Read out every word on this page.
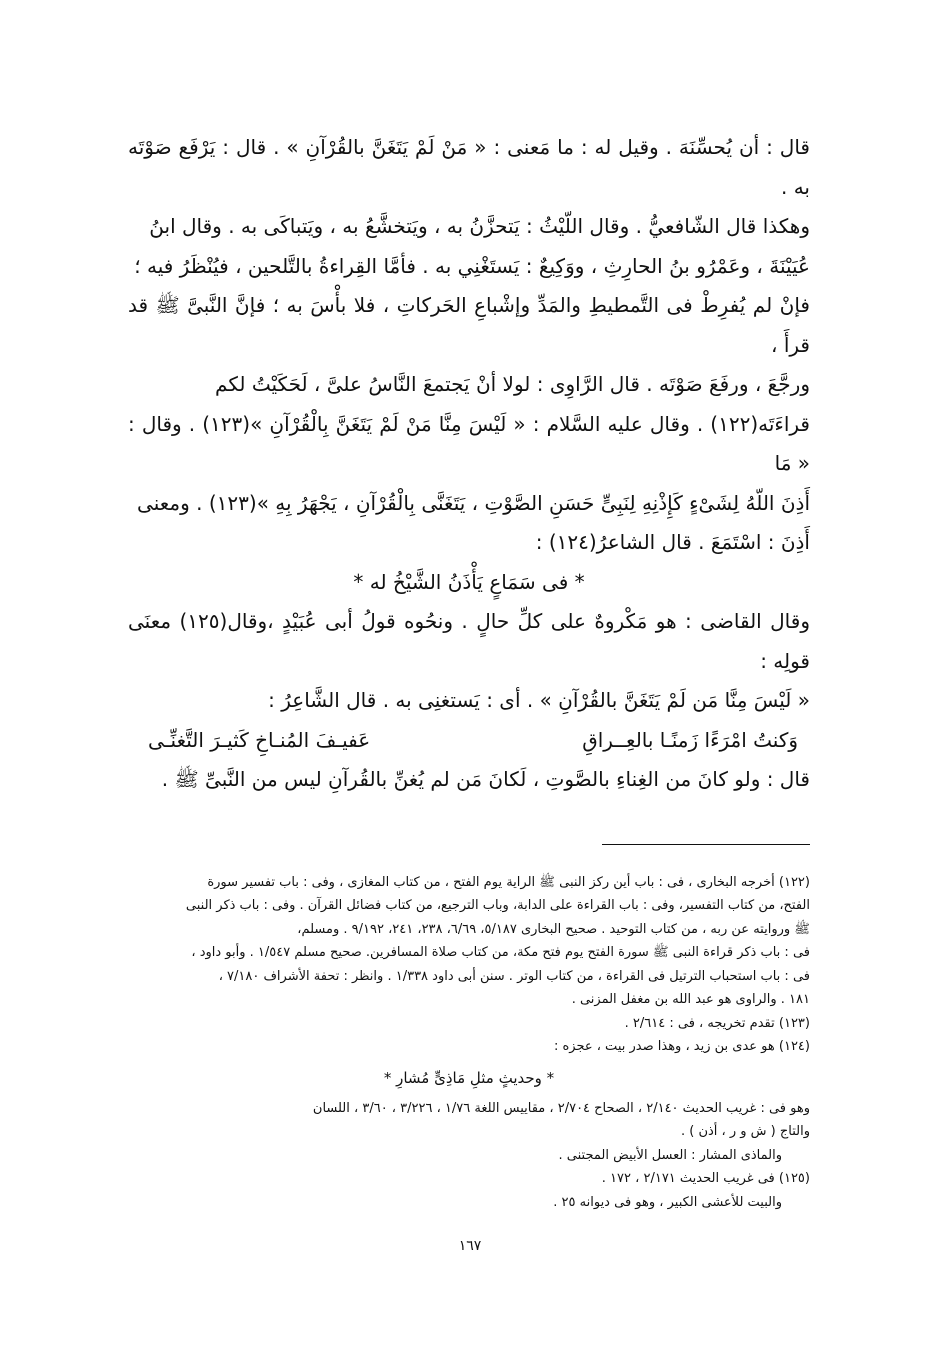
قال : أن يُحسِّنَهَ . وقيل له : ما مَعنى : « مَنْ لَمْ يَتَغَنَّ بالقُرْآنِ » . قال : يَرْفَع صَوْتَه به .

وهكذا قال الشّافعيُّ . وقال اللّيْثُ : يَتحزَّنُ به ، ويَتخشَّعُ به ، ويَتباكَى به . وقال ابنُ

عُيَيْنَةَ ، وعَمْرُو بنُ الحارِثِ ، ووَكِيعٌ : يَستَغْنِي به . فأمَّا القِراءةُ بالتَّلحين ، فيُنْظَرُ فيه ؛

فإنْ لم يُفرِطْ فى التَّمطيطِ والمَدِّ وإشْباعِ الحَركاتِ ، فلا بأْسَ به ؛ فإنَّ النَّبىَّ ﷺ قد قرأَ ،

ورجَّعَ ، ورفَعَ صَوْتَه . قال الرَّاوِى : لولا أنْ يَجتمعَ النَّاسُ علىَّ ، لَحَكَيْتُ لكم

قراءَتَه(١٢٢) . وقال عليه السَّلام : « لَيْسَ مِنَّا مَنْ لَمْ يَتَغَنَّ بِالْقُرْآنِ »(١٢٣) . وقال : « مَا

أَذِنَ اللّهُ لِشَىْءٍ كَإِذْنِهِ لِنَبِىٍّ حَسَنِ الصَّوْتِ ، يَتَغَنَّى بِالْقُرْآنِ ، يَجْهَرُ بِهِ »(١٢٣) . ومعنى

أَذِنَ : اسْتَمَعَ . قال الشاعرُ(١٢٤) :

* فى سَمَاعٍ يَأْذَنُ الشَّيْخُ له *

وقال القاضى : هو مَكْروهٌ على كلِّ حالٍ . ونحُوه قولُ أبى عُبَيْدٍ ،وقال(١٢٥) معنَى قولِه :

« لَيْسَ مِنَّا مَن لَمْ يَتَغَنَّ بالقُرْآنِ » . أى : يَستغنِى به . قال الشَّاعِرُ :

وَكنتُ امْرَءًا زَمنًـا بالعِــراقِ
عَفيـفَ المُنـاخِ كَثيـرَ التَّغنِّـى

قال : ولو كانَ من الغِناءِ بالصَّوتِ ، لَكانَ مَن لم يُغنِّ بالقُرآنِ ليس من النَّبىِّ ﷺ .

(١٢٢) أخرجه البخارى ، فى : باب أين ركز النبى ﷺ الراية يوم الفتح ، من كتاب المغازى ، وفى : باب تفسير سورة

الفتح، من كتاب التفسير، وفى : باب القراءة على الدابة، وباب الترجيع، من كتاب فضائل القرآن . وفى : باب ذكر النبى

ﷺ وروايته عن ربه ، من كتاب التوحيد . صحيح البخارى ٥/١٨٧، ٦/٦٩، ٢٣٨، ٢٤١، ٩/١٩٢ . ومسلم،

فى : باب ذكر قراءة النبى ﷺ سورة الفتح يوم فتح مكة، من كتاب صلاة المسافرين. صحيح مسلم ١/٥٤٧ . وأبو داود ،

فى : باب استحباب الترتيل فى القراءة ، من كتاب الوتر . سنن أبى داود ١/٣٣٨ . وانظر : تحفة الأشراف ٧/١٨٠ ،

١٨١ . والراوى هو عبد الله بن مغفل المزنى .

(١٢٣) تقدم تخريجه ، فى : ٢/٦١٤ .

(١٢٤) هو عدى بن زيد ، وهذا صدر بيت ، عجزه :

* وحديثٍ مثلِ مَاذِىٍّ مُشارِ *

وهو فى : غريب الحديث ٢/١٤٠ ، الصحاح ٢/٧٠٤ ، مقاييس اللغة ١/٧٦ ، ٣/٢٢٦ ، ٣/٦٠ ، اللسان

والتاج ( ش و ر ، أذن ) .

والماذى المشار : العسل الأبيض المجتنى .

(١٢٥) فى غريب الحديث ٢/١٧١ ، ١٧٢ .

والبيت للأعشى الكبير ، وهو فى ديوانه ٢٥ .

١٦٧
